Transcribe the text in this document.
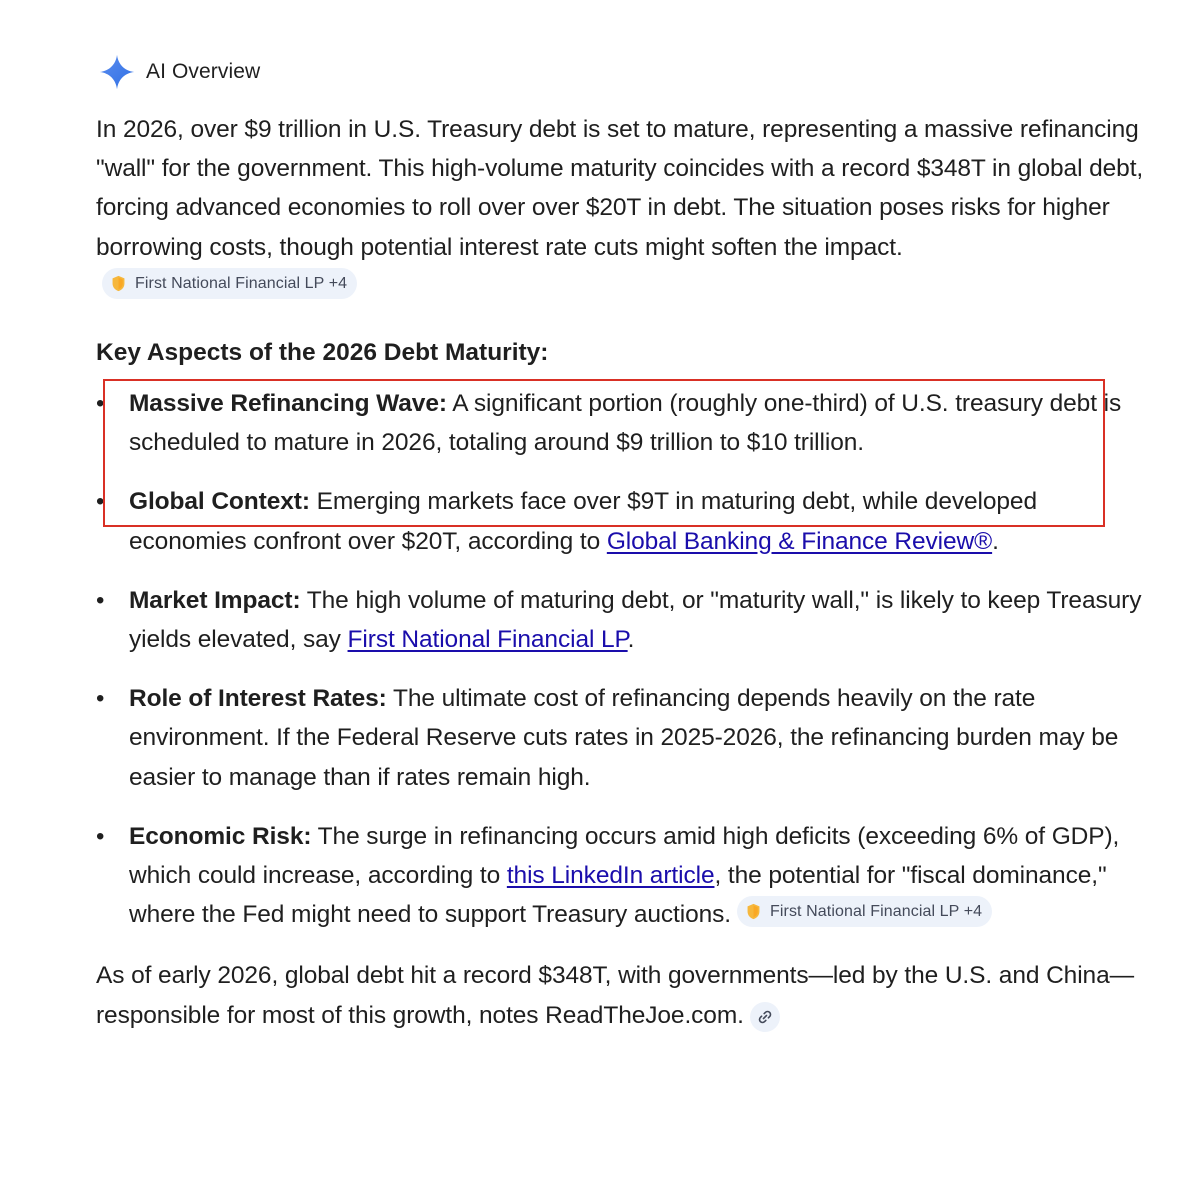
AI Overview

In 2026, over $9 trillion in U.S. Treasury debt is set to mature, representing a massive refinancing "wall" for the government. This high-volume maturity coincides with a record $348T in global debt, forcing advanced economies to roll over over $20T in debt. The situation poses risks for higher borrowing costs, though potential interest rate cuts might soften the impact.
First National Financial LP +4

Key Aspects of the 2026 Debt Maturity:
• Massive Refinancing Wave: A significant portion (roughly one-third) of U.S. treasury debt is scheduled to mature in 2026, totaling around $9 trillion to $10 trillion.
• Global Context: Emerging markets face over $9T in maturing debt, while developed economies confront over $20T, according to Global Banking & Finance Review®.
• Market Impact: The high volume of maturing debt, or "maturity wall," is likely to keep Treasury yields elevated, say First National Financial LP.
• Role of Interest Rates: The ultimate cost of refinancing depends heavily on the rate environment. If the Federal Reserve cuts rates in 2025-2026, the refinancing burden may be easier to manage than if rates remain high.
• Economic Risk: The surge in refinancing occurs amid high deficits (exceeding 6% of GDP), which could increase, according to this LinkedIn article, the potential for "fiscal dominance," where the Fed might need to support Treasury auctions. First National Financial LP +4

As of early 2026, global debt hit a record $348T, with governments—led by the U.S. and China—responsible for most of this growth, notes ReadTheJoe.com.
